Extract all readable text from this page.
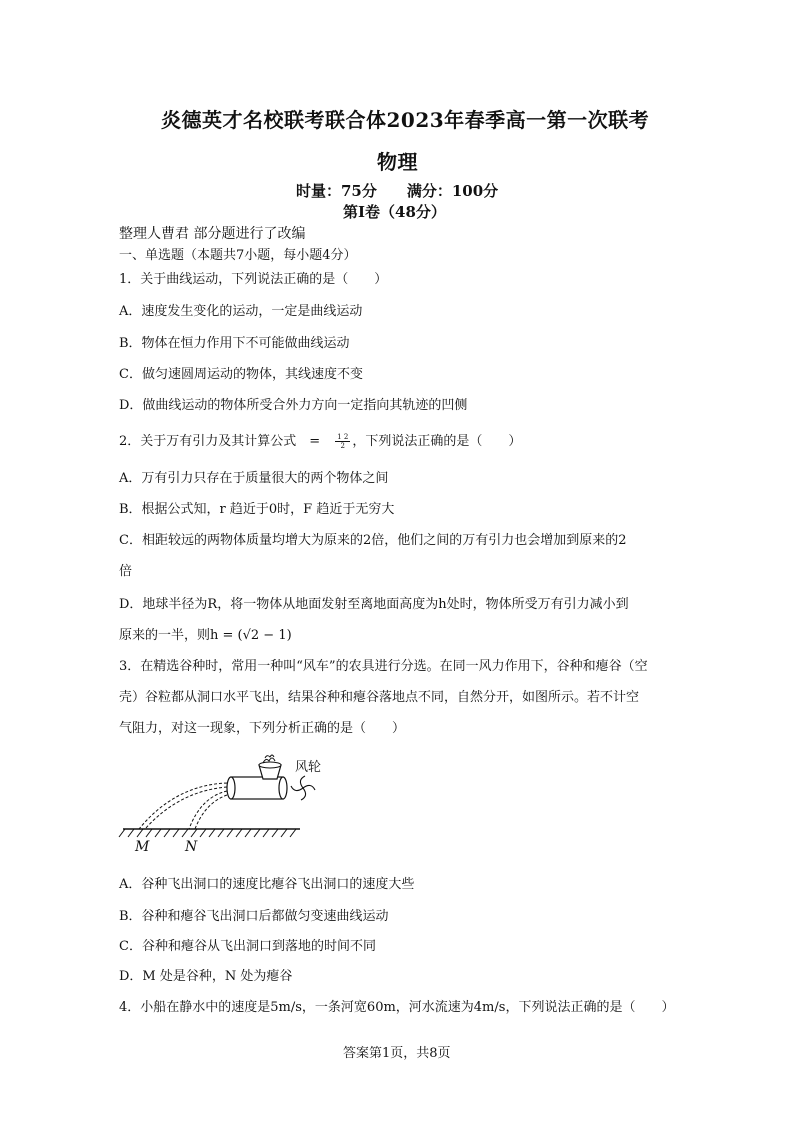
炎德英才名校联考联合体2023年春季高一第一次联考
物理
时量：75分　　满分：100分
第Ⅰ卷（48分）
整理人曹君 部分题进行了改编
一、单选题（本题共7小题，每小题4分）
1．关于曲线运动，下列说法正确的是（　　）
A．速度发生变化的运动，一定是曲线运动
B．物体在恒力作用下不可能做曲线运动
C．做匀速圆周运动的物体，其线速度不变
D．做曲线运动的物体所受合外力方向一定指向其轨迹的凹侧
2．关于万有引力及其计算公式　=　 $\frac{1 2}{2}$ ，下列说法正确的是（　　）
A．万有引力只存在于质量很大的两个物体之间
B．根据公式知，r 趋近于0时，F 趋近于无穷大
C．相距较远的两物体质量均增大为原来的2倍，他们之间的万有引力也会增加到原来的2
倍
D．地球半径为R，将一物体从地面发射至离地面高度为h处时，物体所受万有引力减小到
原来的一半，则h = (√2 − 1)
3．在精选谷种时，常用一种叫“风车”的农具进行分选。在同一风力作用下，谷种和瘪谷（空
壳）谷粒都从洞口水平飞出，结果谷种和瘪谷落地点不同，自然分开，如图所示。若不计空
气阻力，对这一现象，下列分析正确的是（　　）
风轮
M	N
A．谷种飞出洞口的速度比瘪谷飞出洞口的速度大些
B．谷种和瘪谷飞出洞口后都做匀变速曲线运动
C．谷种和瘪谷从飞出洞口到落地的时间不同
D．M 处是谷种，N 处为瘪谷
4．小船在静水中的速度是5m/s，一条河宽60m，河水流速为4m/s，下列说法正确的是（　　）
答案第1页，共8页
